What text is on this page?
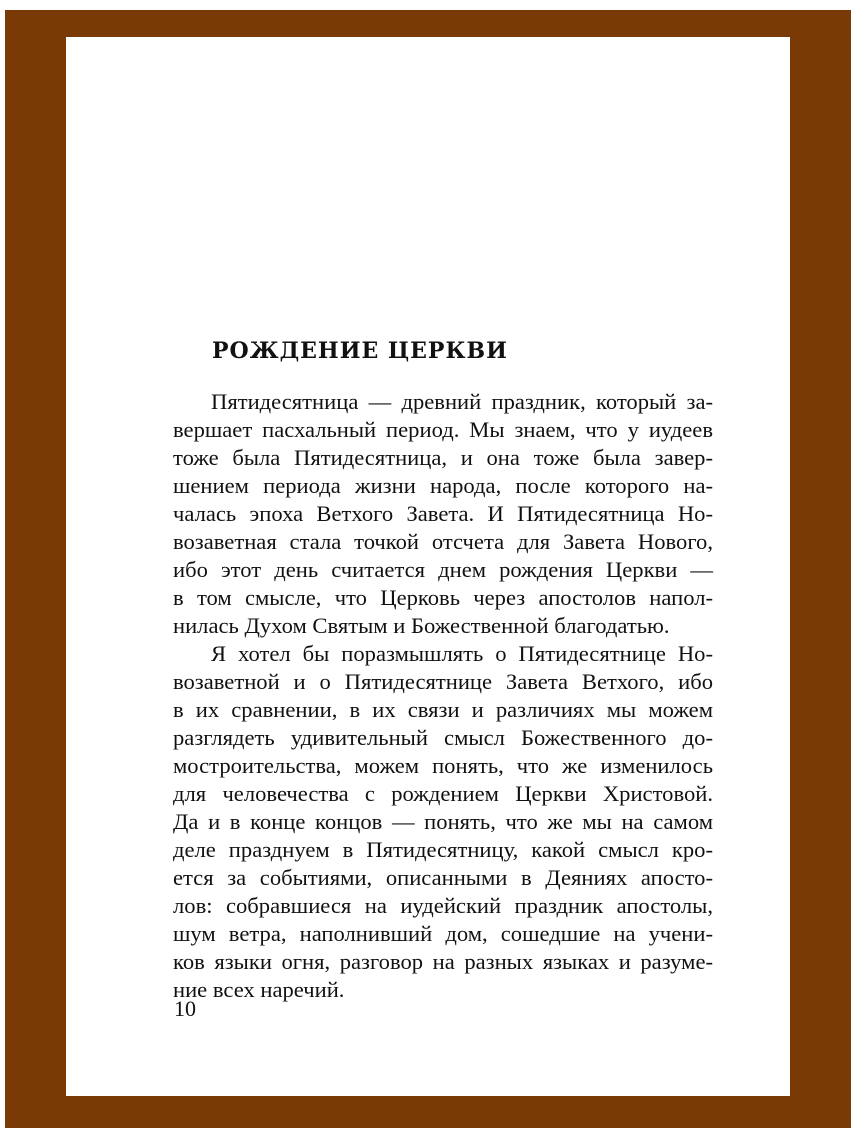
РОЖДЕНИЕ ЦЕРКВИ
Пятидесятница — древний праздник, который за-
вершает пасхальный период. Мы знаем, что у иудеев
тоже была Пятидесятница, и она тоже была завер-
шением периода жизни народа, после которого на-
чалась эпоха Ветхого Завета. И Пятидесятница Но-
возаветная стала точкой отсчета для Завета Нового,
ибо этот день считается днем рождения Церкви —
в том смысле, что Церковь через апостолов напол-
нилась Духом Святым и Божественной благодатью.
Я хотел бы поразмышлять о Пятидесятнице Но-
возаветной и о Пятидесятнице Завета Ветхого, ибо
в их сравнении, в их связи и различиях мы можем
разглядеть удивительный смысл Божественного до-
мостроительства, можем понять, что же изменилось
для человечества с рождением Церкви Христовой.
Да и в конце концов — понять, что же мы на самом
деле празднуем в Пятидесятницу, какой смысл кро-
ется за событиями, описанными в Деяниях апосто-
лов: собравшиеся на иудейский праздник апостолы,
шум ветра, наполнивший дом, сошедшие на учени-
ков языки огня, разговор на разных языках и разуме-
ние всех наречий.
10
